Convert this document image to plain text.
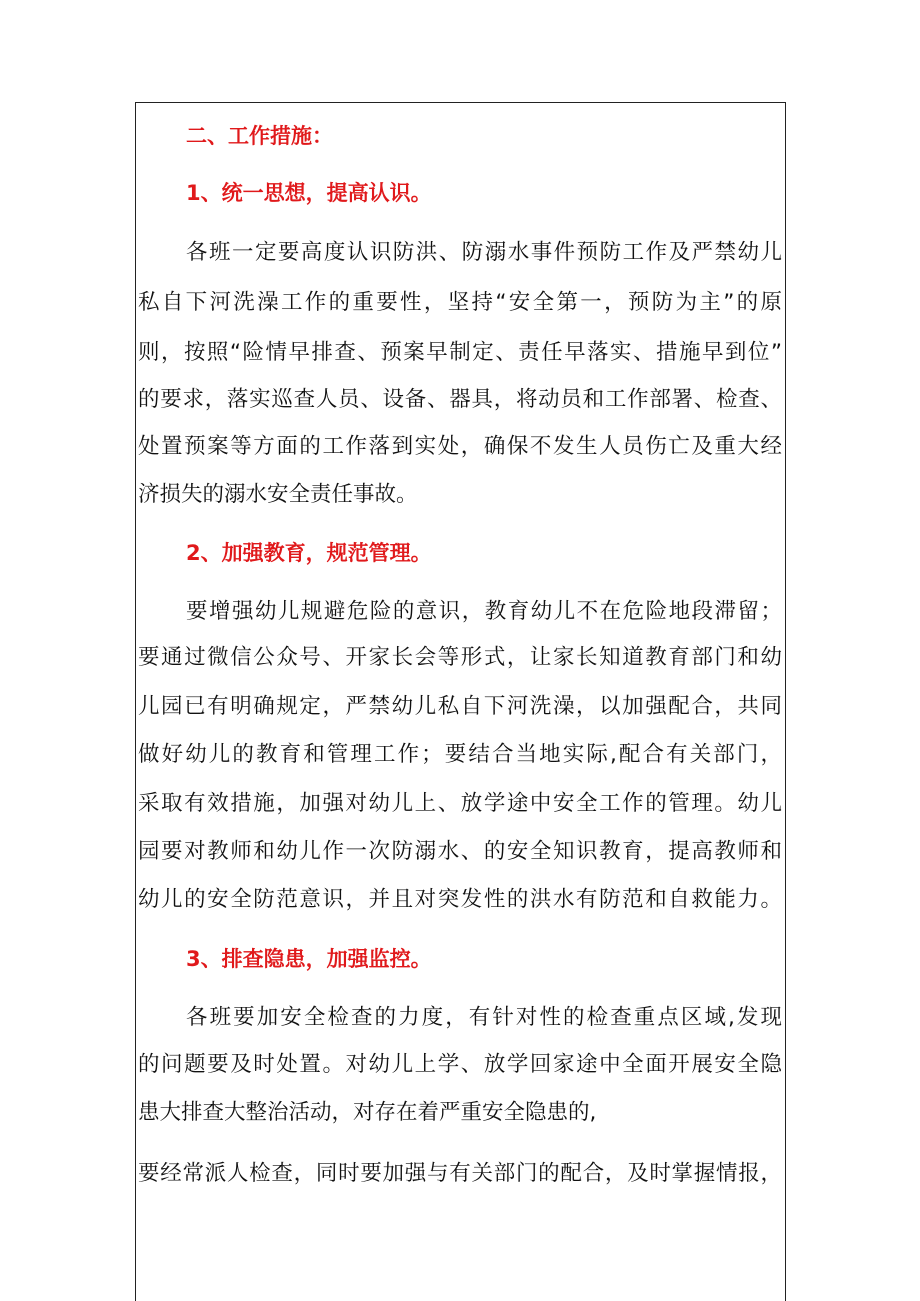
二、工作措施：
1、统一思想，提高认识。
各班一定要高度认识防洪、防溺水事件预防工作及严禁幼儿
私自下河洗澡工作的重要性，坚持“安全第一，预防为主”的原
则，按照“险情早排查、预案早制定、责任早落实、措施早到位”
的要求，落实巡查人员、设备、器具，将动员和工作部署、检查、
处置预案等方面的工作落到实处，确保不发生人员伤亡及重大经
济损失的溺水安全责任事故。
2、加强教育，规范管理。
要增强幼儿规避危险的意识，教育幼儿不在危险地段滞留；
要通过微信公众号、开家长会等形式，让家长知道教育部门和幼
儿园已有明确规定，严禁幼儿私自下河洗澡，以加强配合，共同
做好幼儿的教育和管理工作；要结合当地实际,配合有关部门，
采取有效措施，加强对幼儿上、放学途中安全工作的管理。幼儿
园要对教师和幼儿作一次防溺水、的安全知识教育，提高教师和
幼儿的安全防范意识，并且对突发性的洪水有防范和自救能力。
3、排查隐患，加强监控。
各班要加安全检查的力度，有针对性的检查重点区域,发现
的问题要及时处置。对幼儿上学、放学回家途中全面开展安全隐
患大排查大整治活动，对存在着严重安全隐患的,
要经常派人检查，同时要加强与有关部门的配合，及时掌握情报，
